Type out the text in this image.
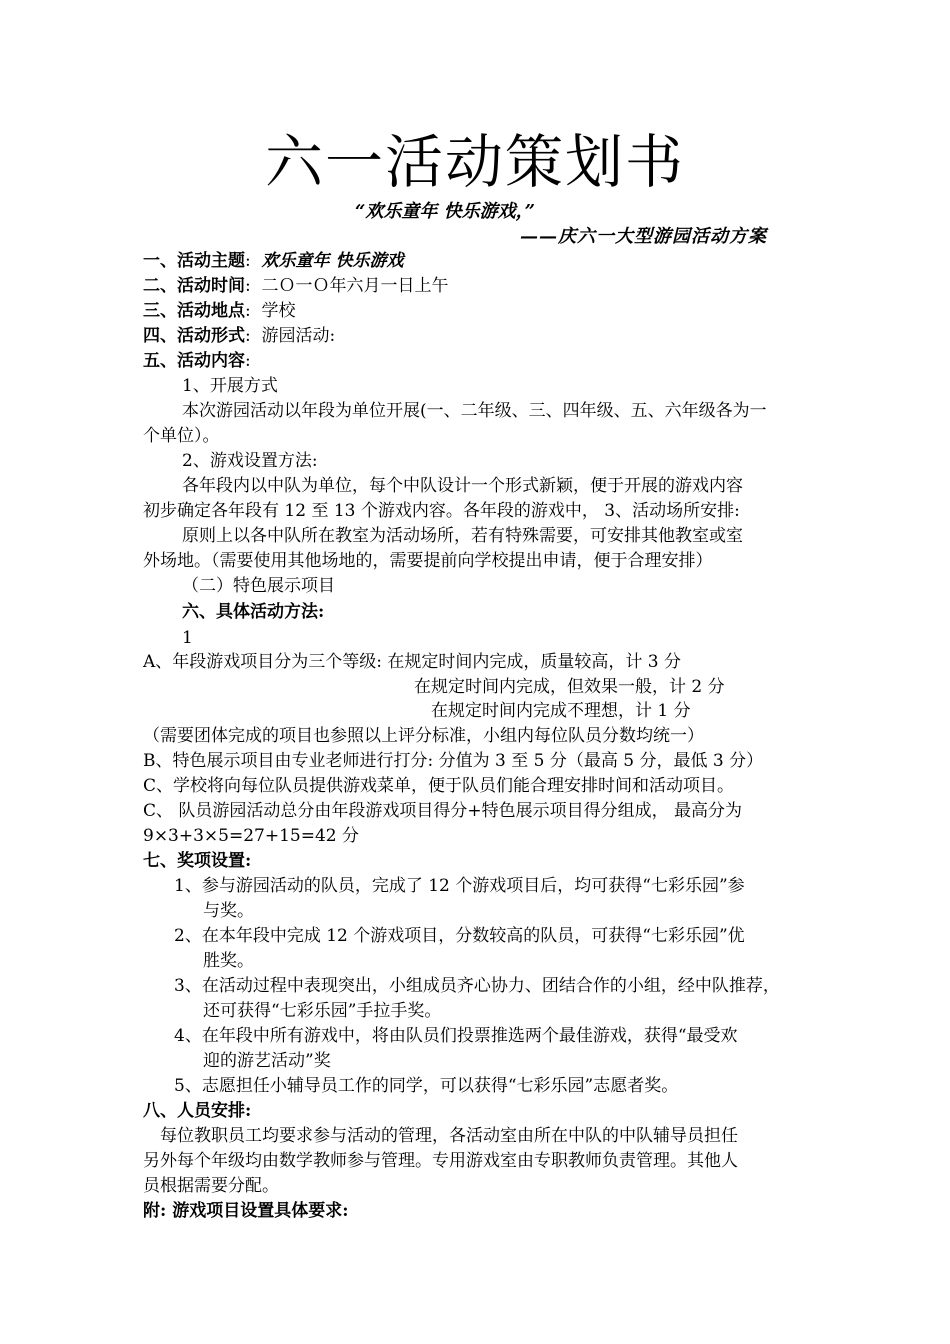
六一活动策划书
“欢乐童年 快乐游戏，”
——庆六一大型游园活动方案
一、活动主题:  欢乐童年 快乐游戏
二、活动时间:  二Ｏ一Ｏ年六月一日上午
三、活动地点:  学校
四、活动形式:  游园活动:
五、活动内容:
1、开展方式
本次游园活动以年段为单位开展(一、二年级、三、四年级、五、六年级各为一
个单位）。
2、游戏设置方法:
各年段内以中队为单位，每个中队设计一个形式新颖，便于开展的游戏内容
初步确定各年段有 12 至 13 个游戏内容。各年段的游戏中， 3、活动场所安排:
原则上以各中队所在教室为活动场所，若有特殊需要，可安排其他教室或室
外场地。（需要使用其他场地的，需要提前向学校提出申请，便于合理安排）
（二）特色展示项目
六、具体活动方法:
1
A、年段游戏项目分为三个等级: 在规定时间内完成，质量较高，计 3 分
在规定时间内完成，但效果一般，计 2 分
在规定时间内完成不理想，计 1 分
（需要团体完成的项目也参照以上评分标准，小组内每位队员分数均统一）
B、特色展示项目由专业老师进行打分: 分值为 3 至 5 分（最高 5 分，最低 3 分）
C、学校将向每位队员提供游戏菜单，便于队员们能合理安排时间和活动项目。
C、 队员游园活动总分由年段游戏项目得分+特色展示项目得分组成， 最高分为
9×3+3×5=27+15=42 分
七、奖项设置:
1、参与游园活动的队员，完成了 12 个游戏项目后，均可获得“七彩乐园”参
与奖。
2、在本年段中完成 12 个游戏项目，分数较高的队员，可获得“七彩乐园”优
胜奖。
3、在活动过程中表现突出，小组成员齐心协力、团结合作的小组，经中队推荐，
还可获得“七彩乐园”手拉手奖。
4、在年段中所有游戏中，将由队员们投票推选两个最佳游戏，获得“最受欢
迎的游艺活动”奖
5、志愿担任小辅导员工作的同学，可以获得“七彩乐园”志愿者奖。
八、人员安排:
每位教职员工均要求参与活动的管理，各活动室由所在中队的中队辅导员担任
另外每个年级均由数学教师参与管理。专用游戏室由专职教师负责管理。其他人
员根据需要分配。
附: 游戏项目设置具体要求:
